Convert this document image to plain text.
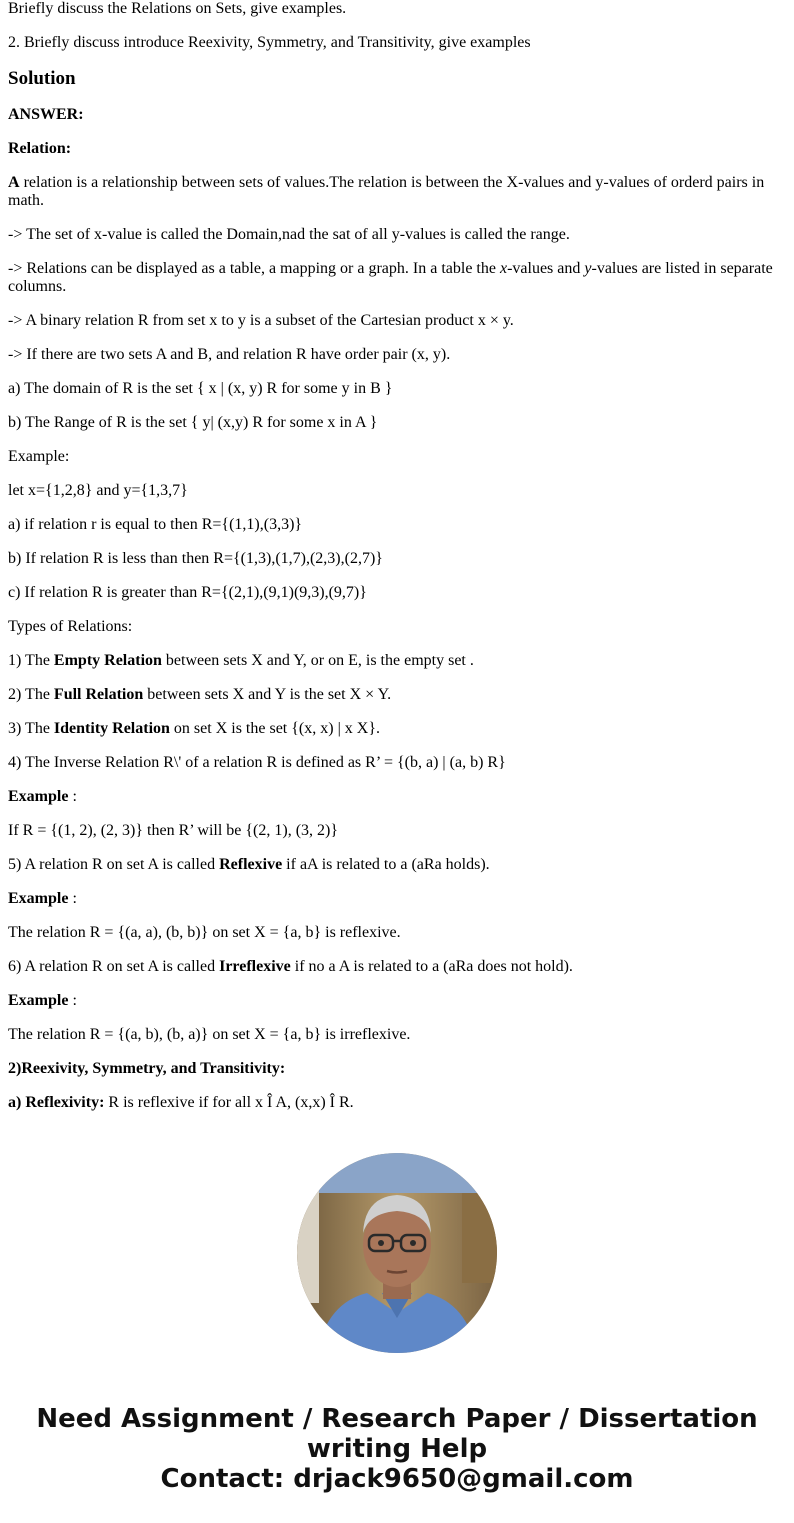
Briefly discuss the Relations on Sets, give examples.

2. Briefly discuss introduce Reexivity, Symmetry, and Transitivity, give examples

Solution

ANSWER:

Relation:

A relation is a relationship between sets of values.The relation is between the X-values and y-values of orderd pairs in math.

-> The set of x-value is called the Domain,nad the sat of all y-values is called the range.

-> Relations can be displayed as a table, a mapping or a graph. In a table the x-values and y-values are listed in separate columns.

-> A binary relation R from set x to y is a subset of the Cartesian product x × y.

-> If there are two sets A and B, and relation R have order pair (x, y).

a) The domain of R is the set { x | (x, y) R for some y in B }

b) The Range of R is the set { y| (x,y) R for some x in A }

Example:

let x={1,2,8} and y={1,3,7}

a) if relation r is equal to then R={(1,1),(3,3)}

b) If relation R is less than then R={(1,3),(1,7),(2,3),(2,7)}

c) If relation R is greater than R={(2,1),(9,1)(9,3),(9,7)}

Types of Relations:

1) The Empty Relation between sets X and Y, or on E, is the empty set .

2) The Full Relation between sets X and Y is the set X × Y.

3) The Identity Relation on set X is the set {(x, x) | x X}.

4) The Inverse Relation R\' of a relation R is defined as R’ = {(b, a) | (a, b) R}

Example :

If R = {(1, 2), (2, 3)} then R’ will be {(2, 1), (3, 2)}

5) A relation R on set A is called Reflexive if aA is related to a (aRa holds).

Example :

The relation R = {(a, a), (b, b)} on set X = {a, b} is reflexive.

6) A relation R on set A is called Irreflexive if no a A is related to a (aRa does not hold).

Example :

The relation R = {(a, b), (b, a)} on set X = {a, b} is irreflexive.

2)Reexivity, Symmetry, and Transitivity:

a) Reflexivity: R is reflexive if for all x Î A, (x,x) Î R.

Need Assignment / Research Paper / Dissertation
writing Help
Contact: drjack9650@gmail.com
